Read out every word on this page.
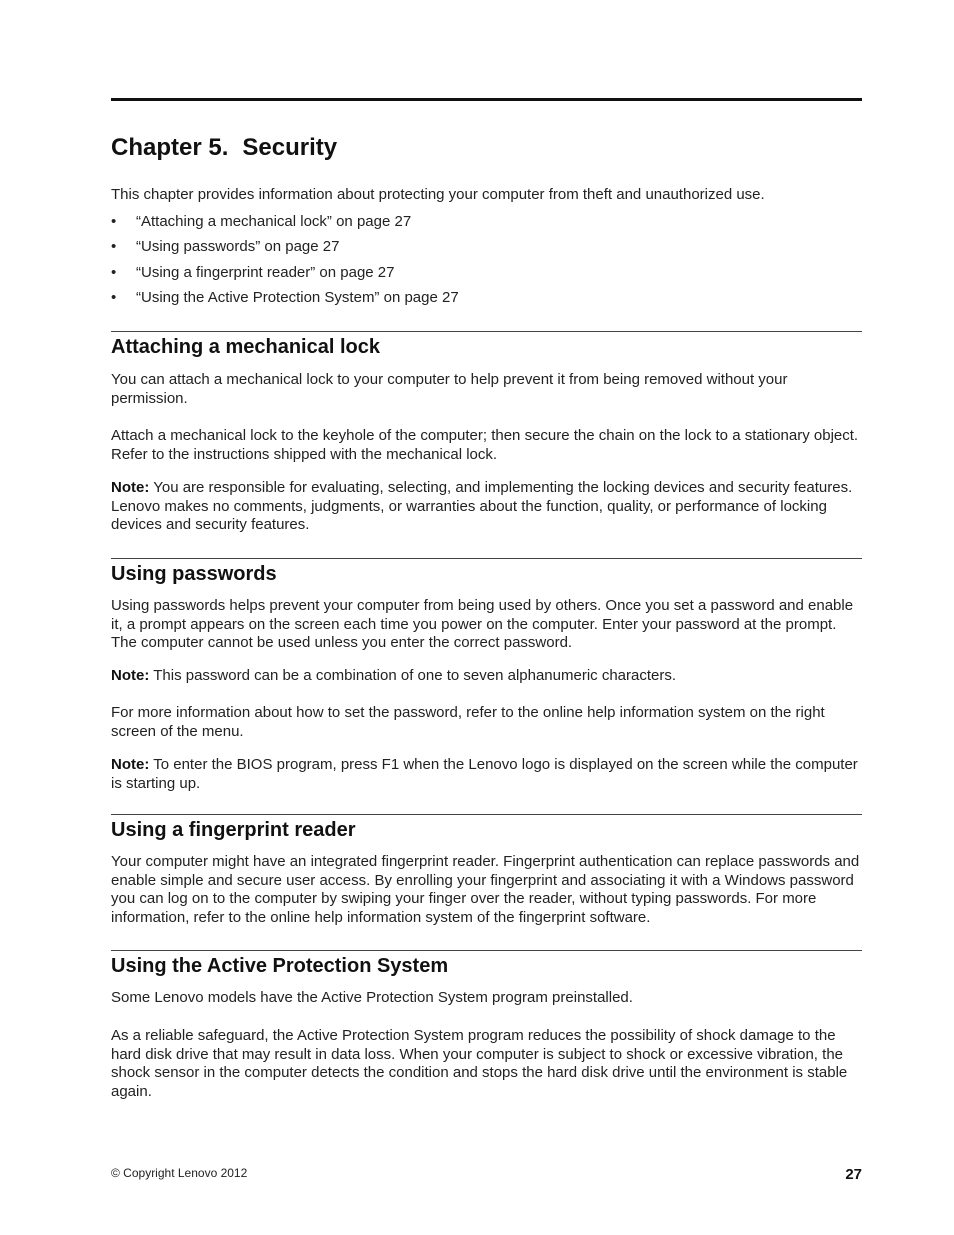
Chapter 5. Security

This chapter provides information about protecting your computer from theft and unauthorized use.

• “Attaching a mechanical lock” on page 27
• “Using passwords” on page 27
• “Using a fingerprint reader” on page 27
• “Using the Active Protection System” on page 27
Attaching a mechanical lock

You can attach a mechanical lock to your computer to help prevent it from being removed without your permission.

Attach a mechanical lock to the keyhole of the computer; then secure the chain on the lock to a stationary object. Refer to the instructions shipped with the mechanical lock.

Note: You are responsible for evaluating, selecting, and implementing the locking devices and security features. Lenovo makes no comments, judgments, or warranties about the function, quality, or performance of locking devices and security features.

Using passwords

Using passwords helps prevent your computer from being used by others. Once you set a password and enable it, a prompt appears on the screen each time you power on the computer. Enter your password at the prompt. The computer cannot be used unless you enter the correct password.

Note: This password can be a combination of one to seven alphanumeric characters.

For more information about how to set the password, refer to the online help information system on the right screen of the menu.

Note: To enter the BIOS program, press F1 when the Lenovo logo is displayed on the screen while the computer is starting up.

Using a fingerprint reader

Your computer might have an integrated fingerprint reader. Fingerprint authentication can replace passwords and enable simple and secure user access. By enrolling your fingerprint and associating it with a Windows password you can log on to the computer by swiping your finger over the reader, without typing passwords. For more information, refer to the online help information system of the fingerprint software.

Using the Active Protection System

Some Lenovo models have the Active Protection System program preinstalled.

As a reliable safeguard, the Active Protection System program reduces the possibility of shock damage to the hard disk drive that may result in data loss. When your computer is subject to shock or excessive vibration, the shock sensor in the computer detects the condition and stops the hard disk drive until the environment is stable again.

© Copyright Lenovo 2012	27
